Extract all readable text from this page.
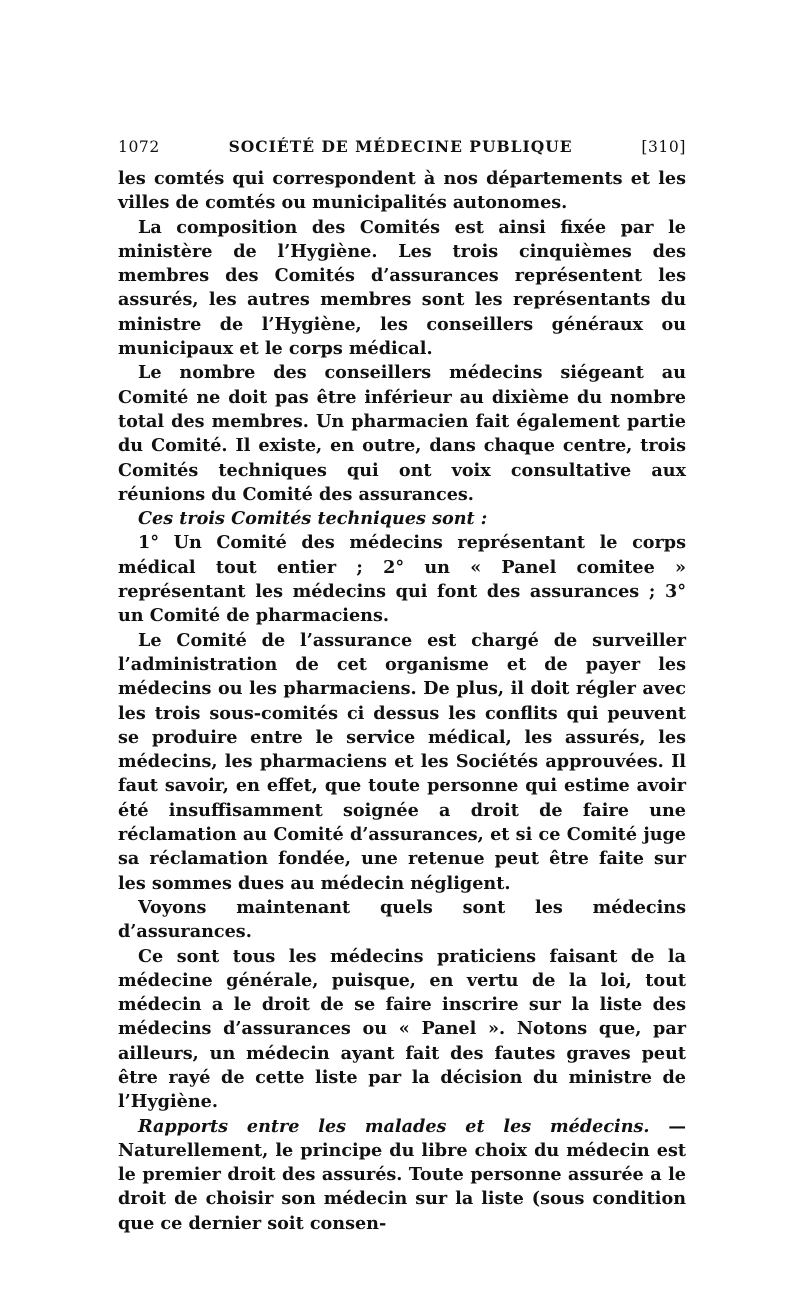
1072	SOCIÉTÉ DE MÉDECINE PUBLIQUE	[310]

les comtés qui correspondent à nos départements et les villes de comtés ou municipalités autonomes.

La composition des Comités est ainsi fixée par le ministère de l’Hygiène. Les trois cinquièmes des membres des Comités d’assurances représentent les assurés, les autres membres sont les représentants du ministre de l’Hygiène, les conseillers généraux ou municipaux et le corps médical.

Le nombre des conseillers médecins siégeant au Comité ne doit pas être inférieur au dixième du nombre total des membres. Un pharmacien fait également partie du Comité. Il existe, en outre, dans chaque centre, trois Comités techniques qui ont voix consultative aux réunions du Comité des assurances.

Ces trois Comités techniques sont :

1° Un Comité des médecins représentant le corps médical tout entier ; 2° un « Panel comitee » représentant les médecins qui font des assurances ; 3° un Comité de pharmaciens.

Le Comité de l’assurance est chargé de surveiller l’administration de cet organisme et de payer les médecins ou les pharmaciens. De plus, il doit régler avec les trois sous-comités ci dessus les conflits qui peuvent se produire entre le service médical, les assurés, les médecins, les pharmaciens et les Sociétés approuvées. Il faut savoir, en effet, que toute personne qui estime avoir été insuffisamment soignée a droit de faire une réclamation au Comité d’assurances, et si ce Comité juge sa réclamation fondée, une retenue peut être faite sur les sommes dues au médecin négligent.

Voyons maintenant quels sont les médecins d’assurances.

Ce sont tous les médecins praticiens faisant de la médecine générale, puisque, en vertu de la loi, tout médecin a le droit de se faire inscrire sur la liste des médecins d’assurances ou « Panel ». Notons que, par ailleurs, un médecin ayant fait des fautes graves peut être rayé de cette liste par la décision du ministre de l’Hygiène.

Rapports entre les malades et les médecins. — Naturellement, le principe du libre choix du médecin est le premier droit des assurés. Toute personne assurée a le droit de choisir son médecin sur la liste (sous condition que ce dernier soit consen-
